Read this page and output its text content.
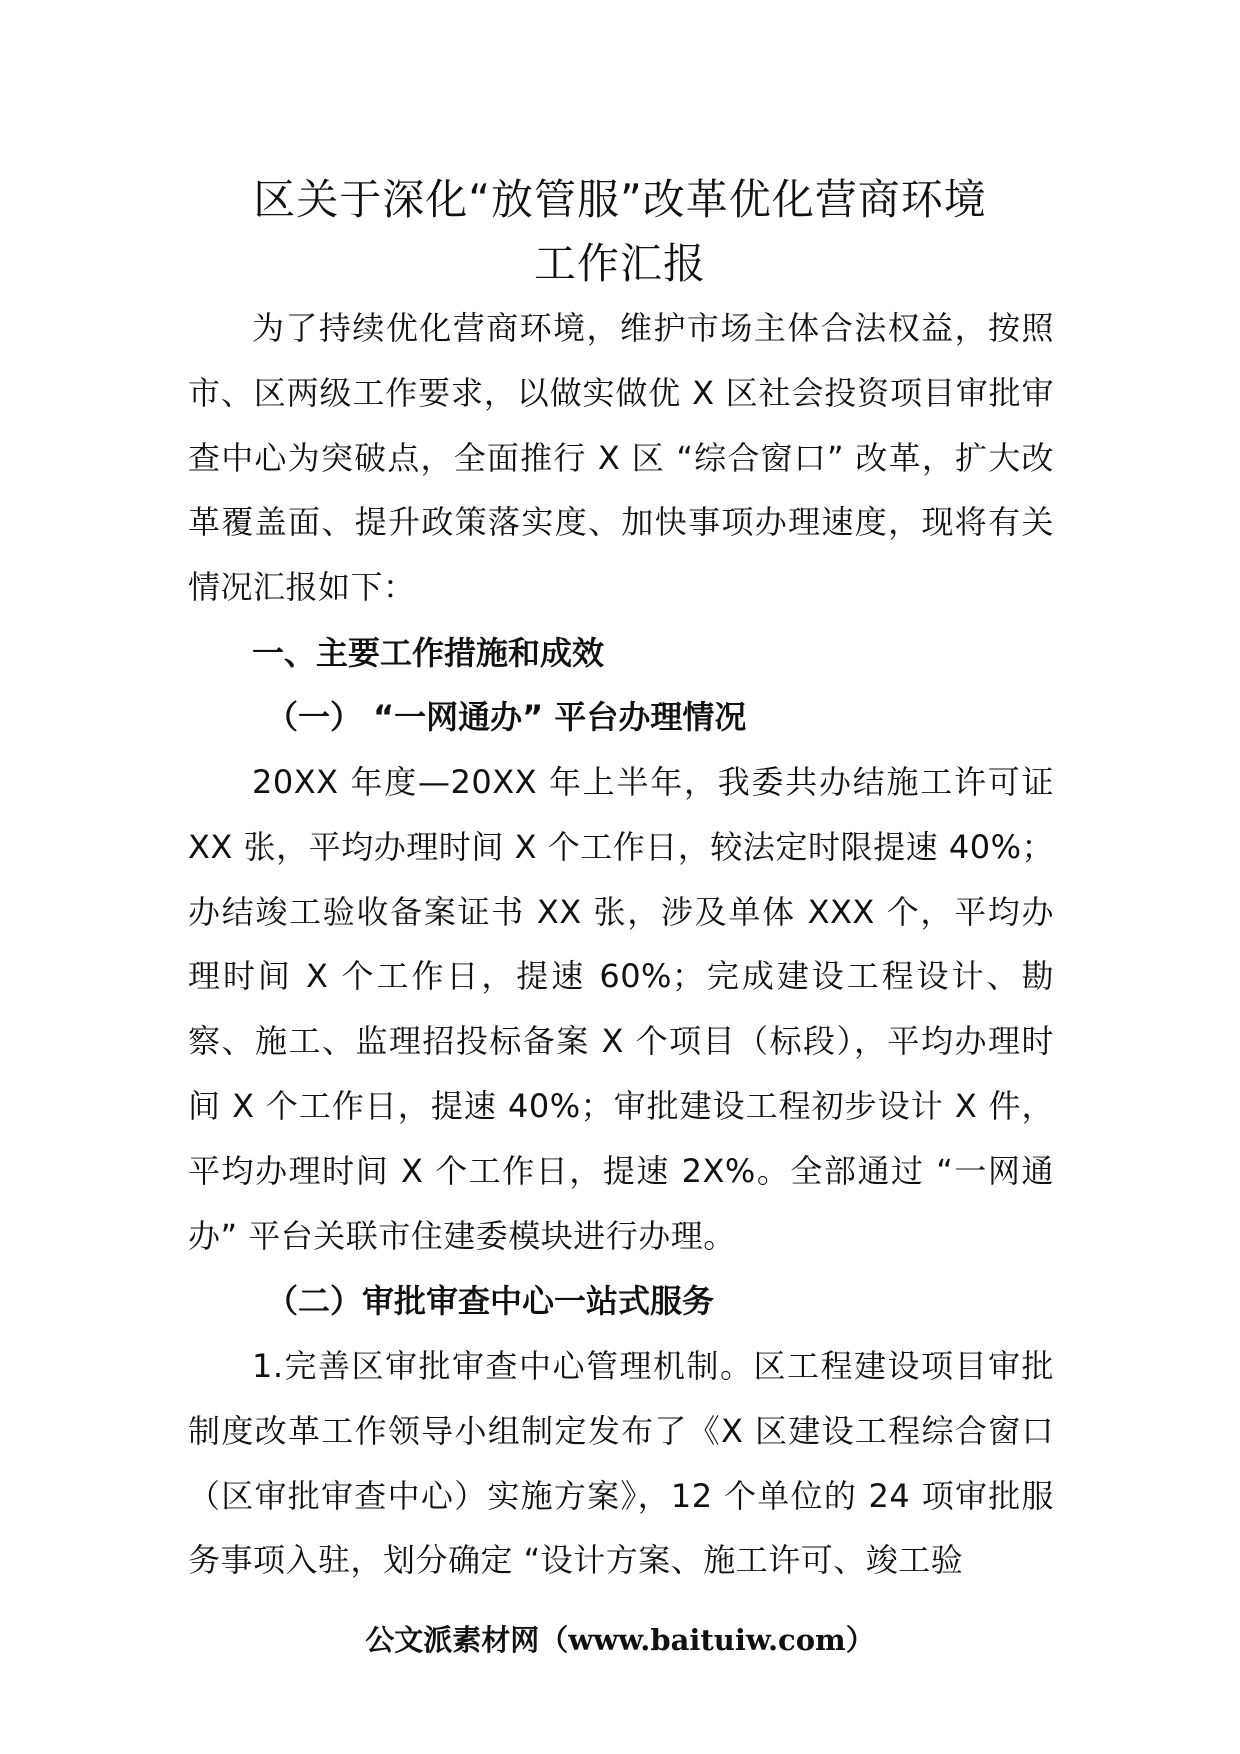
区关于深化“放管服”改革优化营商环境
工作汇报

为了持续优化营商环境，维护市场主体合法权益，按照市、区两级工作要求，以做实做优 X 区社会投资项目审批审查中心为突破点，全面推行 X 区 “综合窗口” 改革，扩大改革覆盖面、提升政策落实度、加快事项办理速度，现将有关情况汇报如下：

一、主要工作措施和成效
（一） “一网通办” 平台办理情况

20XX 年度—20XX 年上半年，我委共办结施工许可证 XX 张，平均办理时间 X 个工作日，较法定时限提速 40%；办结竣工验收备案证书 XX 张，涉及单体 XXX 个，平均办理时间 X 个工作日，提速 60%；完成建设工程设计、勘察、施工、监理招投标备案 X 个项目（标段），平均办理时间 X 个工作日，提速 40%；审批建设工程初步设计 X 件，平均办理时间 X 个工作日，提速 2X%。全部通过 “一网通办” 平台关联市住建委模块进行办理。

（二）审批审查中心一站式服务

1.完善区审批审查中心管理机制。区工程建设项目审批制度改革工作领导小组制定发布了《X 区建设工程综合窗口（区审批审查中心）实施方案》，12 个单位的 24 项审批服务事项入驻，划分确定 “设计方案、施工许可、竣工验

公文派素材网（www.baituiw.com）
